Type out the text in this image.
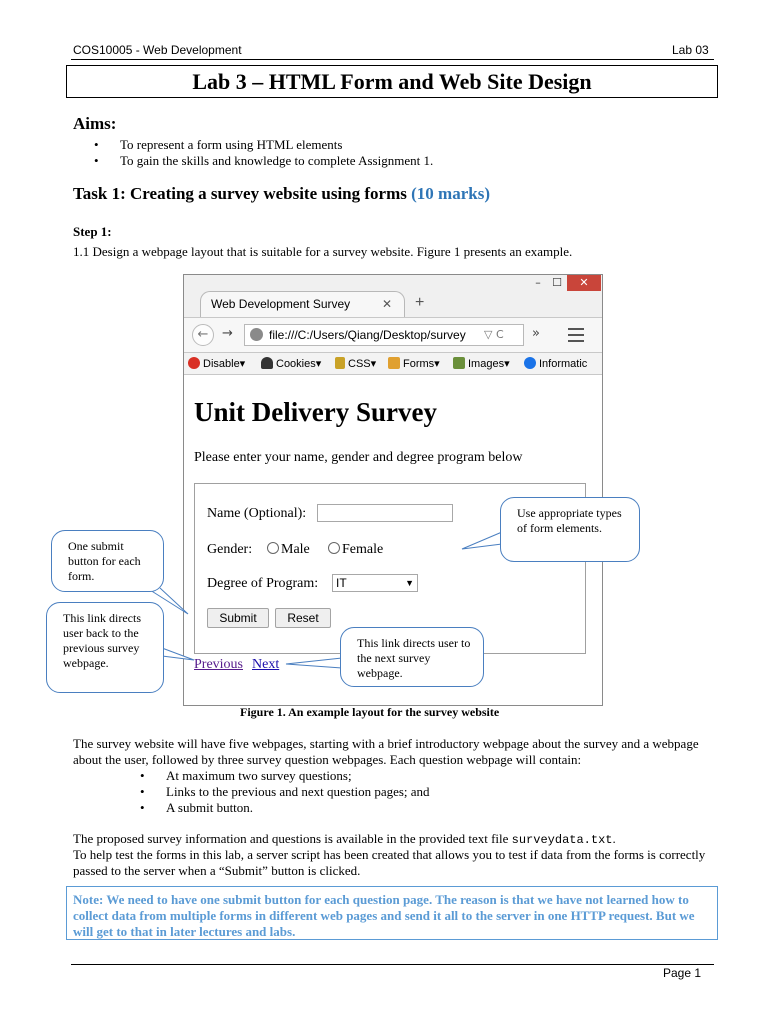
COS10005 - Web Development	Lab 03
Lab 3 – HTML Form and Web Site Design
Aims:
• To represent a form using HTML elements
• To gain the skills and knowledge to complete Assignment 1.
Task 1: Creating a survey website using forms (10 marks)
Step 1:
1.1 Design a webpage layout that is suitable for a survey website. Figure 1 presents an example.
Web Development Survey	✕ +
–	☐	✕
←	→	file:///C:/Users/Qiang/Desktop/survey	▽ C »
Disable▾	Cookies▾	CSS▾	Forms▾	Images▾	Informatic
Unit Delivery Survey
Please enter your name, gender and degree program below
Name (Optional):
Gender:	Male	Female
Degree of Program:	IT	▼
Submit	Reset
Previous Next
Use appropriate types of form elements.
One submit button for each form.
This link directs user back to the previous survey webpage.
This link directs user to the next survey webpage.
Figure 1. An example layout for the survey website
The survey website will have five webpages, starting with a brief introductory webpage about the survey and a webpage about the user, followed by three survey question webpages. Each question webpage will contain:
• At maximum two survey questions;
• Links to the previous and next question pages; and
• A submit button.
The proposed survey information and questions is available in the provided text file surveydata.txt.
To help test the forms in this lab, a server script has been created that allows you to test if data from the forms is correctly passed to the server when a “Submit” button is clicked.
Note: We need to have one submit button for each question page. The reason is that we have not learned how to collect data from multiple forms in different web pages and send it all to the server in one HTTP request. But we will get to that in later lectures and labs.
Page 1
